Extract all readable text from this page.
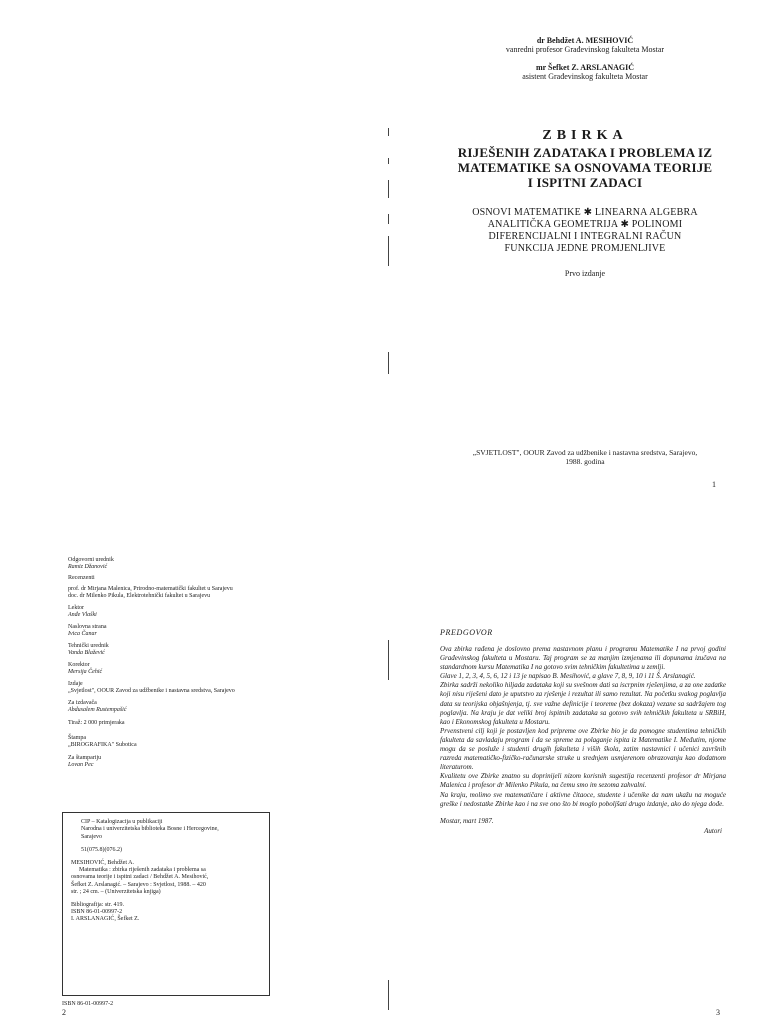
dr Behdžet A. MESIHOVIĆ
vanredni profesor Građevinskog fakulteta Mostar
mr Šefket Z. ARSLANAGIĆ
asistent Građevinskog fakulteta Mostar
ZBIRKA
RIJEŠENIH ZADATAKA I PROBLEMA IZ
MATEMATIKE SA OSNOVAMA TEORIJE
I ISPITNI ZADACI
OSNOVI MATEMATIKE ✱ LINEARNA ALGEBRA
ANALITIČKA GEOMETRIJA ✱ POLINOMI
DIFERENCIJALNI I INTEGRALNI RAČUN
FUNKCIJA JEDNE PROMJENLJIVE
Prvo izdanje
„SVJETLOST", OOUR Zavod za udžbenike i nastavna sredstva, Sarajevo,
1988. godina
1
Odgovorni urednik
Ramiz Džanović
Recenzenti
prof. dr Mirjana Malenica, Prirodno-matematički fakultet u Sarajevu
doc. dr Milenko Pikula, Elektrotehnički fakultet u Sarajevu
Lektor
Anđe Vlaški
Naslovna strana
Ivica Čanar
Tehnički urednik
Vanda Blažević
Korektor
Mersija Čehić
Izdaje
„Svjetlost", OOUR Zavod za udžbenike i nastavna sredstva, Sarajevo
Za izdavača
Abdusalem Rustempašić
Tiraž: 2 000 primjeraka
Štampa
„BIROGRAFIKA" Subotica
Za štampariju
Lovan Pec
CIP – Katalogizacija u publikaciji
Narodna i univerzitetska biblioteka Bosne i Hercegovine,
Sarajevo
51(075.8)(076.2)
MESIHOVIĆ, Behdžet A.
Matematika : zbirka riješenih zadataka i problema sa
osnovama teorije i ispitni zadaci / Behdžet A. Mesihović,
Šefket Z. Arslanagić. – Sarajevo : Svjetlost, 1988. – 420
str. ; 24 cm. – (Univerzitetska knjiga)
Bibliografija: str. 419.
ISBN 86-01-00997-2
I. ARSLANAGIĆ, Šefket Z.
ISBN 86-01-00997-2
2
PREDGOVOR

Ova zbirka rađena je doslovno prema nastavnom planu i programu Matematike I na prvoj godini Građevinskog fakulteta u Mostaru. Taj program se za manjim izmjenama ili dopunama izučava na standardnom kursu Matematika I na gotovo svim tehničkim fakultetima u zemlji.

Glave 1, 2, 3, 4, 5, 6, 12 i 13 je napisao B. Mesihović, a glave 7, 8, 9, 10 i 11 Š. Arslanagić.

Zbirka sadrži nekoliko hiljada zadataka koji su svešnom dati sa iscrpnim rješenjima, a za one zadatke koji nisu riješeni dato je uputstvo za rješenje i rezultat ili samo rezultat. Na početku svakog poglavlja data su teorijska objašnjenja, tj. sve važne definicije i teoreme (bez dokaza) vezane sa sadržajem tog poglavlja. Na kraju je dat veliki broj ispitnih zadataka sa gotovo svih tehničkih fakulteta u SRBiH, kao i Ekonomskog fakulteta u Mostaru.

Prvenstveni cilj koji je postavljen kod pripreme ove Zbirke bio je da pomogne studentima tehničkih fakulteta da savladaju program i da se spreme za polaganje ispita iz Matematike I. Međutim, njome mogu da se posluže i studenti drugih fakulteta i viših škola, zatim nastavnici i učenici završnih razreda matematičko-fizičko-računarske struke u srednjem usmjerenom obrazovanju kao dodatnom literaturom.

Kvalitetu ove Zbirke znatno su doprinijeli nizom korisnih sugestija recenzenti profesor dr Mirjana Malenica i profesor dr Milenko Pikula, na čemu smo im sezoma zahvalni.

Na kraju, molimo sve matematičare i aktivne čitaoce, studente i učenike da nam ukažu na moguće greške i nedostatke Zbirke kao i na sve ono što bi moglo poboljšati drugo izdanje, ako do njega dođe.

Mostar, mart 1987.
Autori
3
